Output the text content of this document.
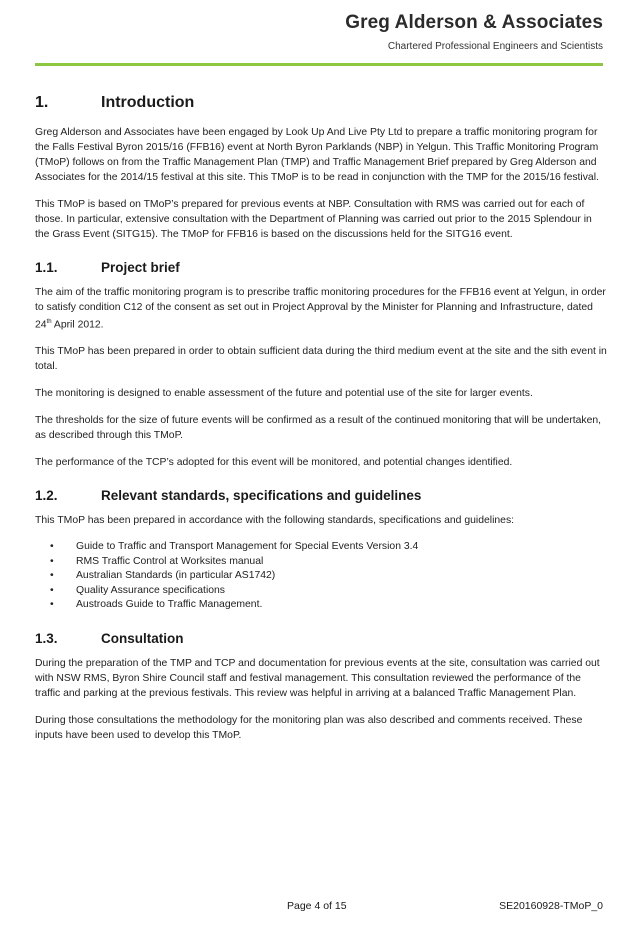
Greg Alderson & Associates
Chartered Professional Engineers and Scientists
1.	Introduction

Greg Alderson and Associates have been engaged by Look Up And Live Pty Ltd to prepare a traffic monitoring program for the Falls Festival Byron 2015/16 (FFB16) event at North Byron Parklands (NBP) in Yelgun. This Traffic Monitoring Program (TMoP) follows on from the Traffic Management Plan (TMP) and Traffic Management Brief prepared by Greg Alderson and Associates for the 2014/15 festival at this site. This TMoP is to be read in conjunction with the TMP for the 2015/16 festival.

This TMoP is based on TMoP’s prepared for previous events at NBP. Consultation with RMS was carried out for each of those. In particular, extensive consultation with the Department of Planning was carried out prior to the 2015 Splendour in the Grass Event (SITG15). The TMoP for FFB16 is based on the discussions held for the SITG16 event.

1.1.	Project brief

The aim of the traffic monitoring program is to prescribe traffic monitoring procedures for the FFB16 event at Yelgun, in order to satisfy condition C12 of the consent as set out in Project Approval by the Minister for Planning and Infrastructure, dated 24th April 2012.

This TMoP has been prepared in order to obtain sufficient data during the third medium event at the site and the sith event in total.

The monitoring is designed to enable assessment of the future and potential use of the site for larger events.

The thresholds for the size of future events will be confirmed as a result of the continued monitoring that will be undertaken, as described through this TMoP.

The performance of the TCP’s adopted for this event will be monitored, and potential changes identified.

1.2.	Relevant standards, specifications and guidelines

This TMoP has been prepared in accordance with the following standards, specifications and guidelines:

• Guide to Traffic and Transport Management for Special Events Version 3.4
• RMS Traffic Control at Worksites manual
• Australian Standards (in particular AS1742)
• Quality Assurance specifications
• Austroads Guide to Traffic Management.
1.3.	Consultation

During the preparation of the TMP and TCP and documentation for previous events at the site, consultation was carried out with NSW RMS, Byron Shire Council staff and festival management. This consultation reviewed the performance of the traffic and parking at the previous festivals. This review was helpful in arriving at a balanced Traffic Management Plan.

During those consultations the methodology for the monitoring plan was also described and comments received. These inputs have been used to develop this TMoP.

Page 4 of 15	SE20160928-TMoP_0
